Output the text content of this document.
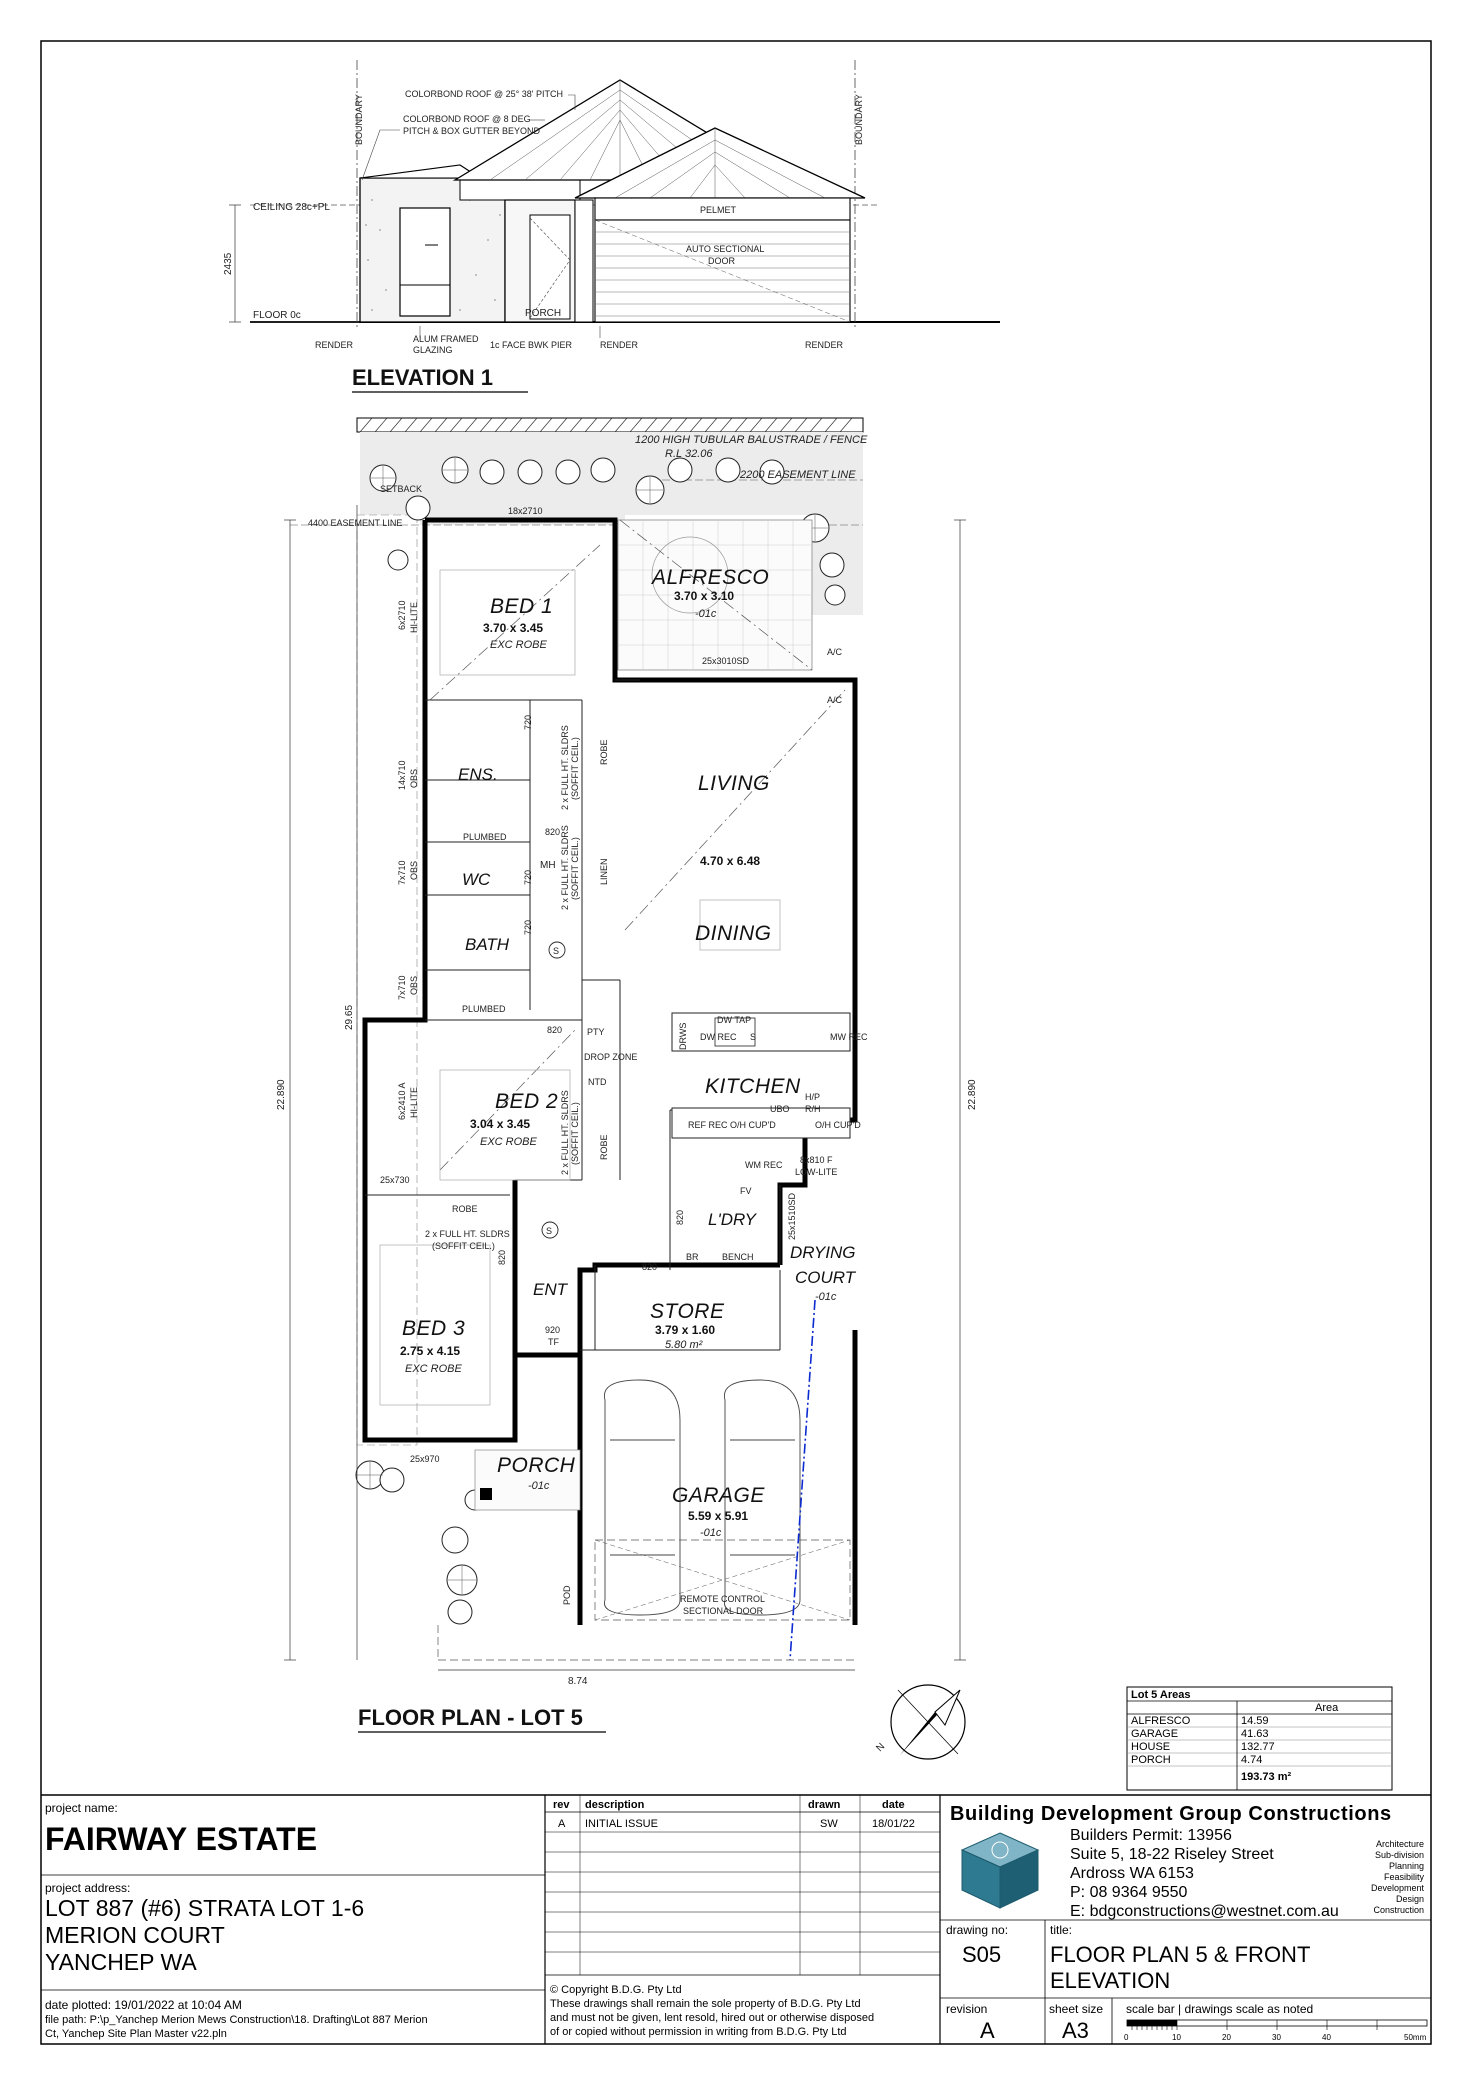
COLORBOND ROOF @ 25° 38' PITCH
COLORBOND ROOF @ 8 DEG
PITCH & BOX GUTTER BEYOND
CEILING 28c+PL
FLOOR 0c
2435
PELMET
AUTO SECTIONAL
DOOR
PORCH
BOUNDARY	BOUNDARY
RENDER	RENDER	RENDER
ALUM FRAMED
GLAZING	1c FACE BWK PIER
ELEVATION 1
1200 HIGH TUBULAR BALUSTRADE / FENCE
R.L 32.06
2200 EASEMENT LINE
4400 EASEMENT LINE
SETBACK
18x2710
25x3010SD
A/C
A/C
BED 1
3.70 x 3.45
EXC ROBE
ALFRESCO
3.70 x 3.10
-01c
6x2710 HI-LITE
14x710 OBS
7x710 OBS
7x710 OBS
ENS.
PLUMBED
WC
BATH
PLUMBED
MH
820
820
720
720
720
2 x FULL HT. SLDRS (SOFFIT CEIL.)
2 x FULL HT. SLDRS (SOFFIT CEIL.)
ROBE
LINEN
S
LIVING
4.70 x 6.48
DINING
PTY
DROP ZONE
NTD
DW TAP
DRWS DW REC S	MW REC
KITCHEN H/P
R/H
UBO
REF REC O/H CUP'D	O/H CUP'D
WM REC
FV
8x810 F
LOW-LITE
25x1510SD
L'DRY
BR	BENCH
820
DRYING
COURT
-01c
BED 2
3.04 x 3.45
EXC ROBE
6x2410 A HI-LITE
25x730
2 x FULL HT. SLDRS (SOFFIT CEIL.) ROBE
ROBE
2 x FULL HT. SLDRS
(SOFFIT CEIL.)
820
S
820
BED 3
2.75 x 4.15
EXC ROBE
25x970
ENT
920
TF
STORE
3.79 x 1.60
5.80 m²
PORCH
-01c	GARAGE
5.59 x 5.91
-01c
REMOTE CONTROL
SECTIONAL DOOR
POD
22.890	22.890
29.65
8.74
FLOOR PLAN - LOT 5
N
Lot 5 Areas
Area
ALFRESCO	14.59
GARAGE	41.63
HOUSE	132.77
PORCH	4.74
193.73 m²
project name:
FAIRWAY ESTATE
project address:
LOT 887 (#6) STRATA LOT 1-6
MERION COURT
YANCHEP WA
date plotted: 19/01/2022 at 10:04 AM
file path: P:\p_Yanchep Merion Mews Construction\18. Drafting\Lot 887 Merion
Ct, Yanchep Site Plan Master v22.pln
rev description	drawn	date
A INITIAL ISSUE	SW	18/01/22
© Copyright B.D.G. Pty Ltd
These drawings shall remain the sole property of B.D.G. Pty Ltd
and must not be given, lent resold, hired out or otherwise disposed
of or copied without permission in writing from B.D.G. Pty Ltd
Building Development Group Constructions
Builders Permit: 13956
Suite 5, 18-22 Riseley Street
Ardross WA 6153
P: 08 9364 9550
E: bdgconstructions@westnet.com.au
Architecture
Sub-division
Planning
Feasibility
Development
Design
Construction
drawing no:
S05
title:
FLOOR PLAN 5 & FRONT
ELEVATION
revision
A
sheet size
A3
scale bar | drawings scale as noted
0	10	20	30	40	50mm
